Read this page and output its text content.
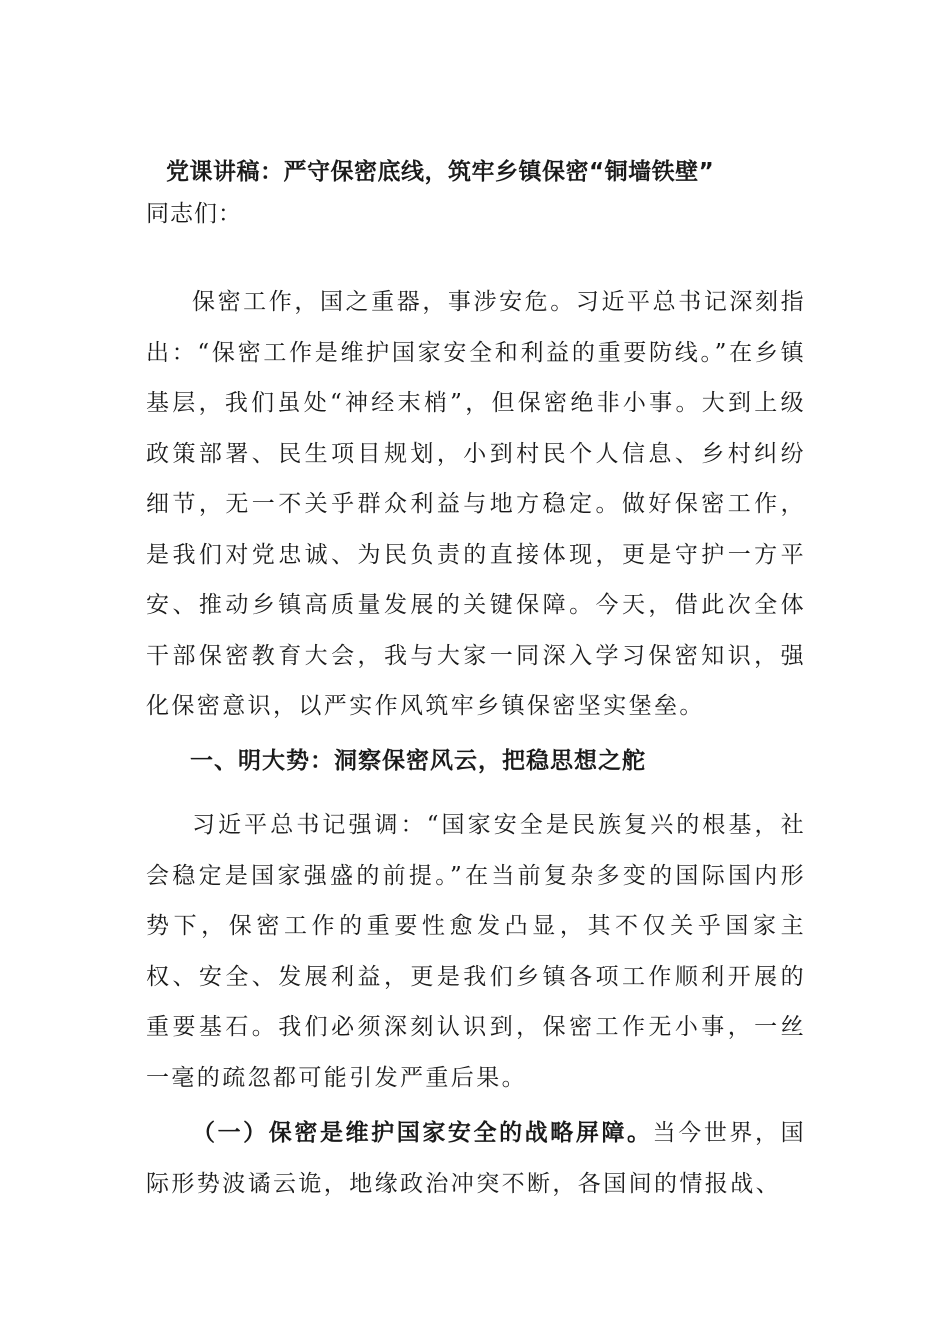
党课讲稿：严守保密底线，筑牢乡镇保密“铜墙铁壁”
同志们：

保密工作，国之重器，事涉安危。习近平总书记深刻指出：“保密工作是维护国家安全和利益的重要防线。”在乡镇基层，我们虽处“神经末梢”，但保密绝非小事。大到上级政策部署、民生项目规划，小到村民个人信息、乡村纠纷细节，无一不关乎群众利益与地方稳定。做好保密工作，是我们对党忠诚、为民负责的直接体现，更是守护一方平安、推动乡镇高质量发展的关键保障。今天，借此次全体干部保密教育大会，我与大家一同深入学习保密知识，强化保密意识，以严实作风筑牢乡镇保密坚实堡垒。

一、明大势：洞察保密风云，把稳思想之舵

习近平总书记强调：“国家安全是民族复兴的根基，社会稳定是国家强盛的前提。”在当前复杂多变的国际国内形势下，保密工作的重要性愈发凸显，其不仅关乎国家主权、安全、发展利益，更是我们乡镇各项工作顺利开展的重要基石。我们必须深刻认识到，保密工作无小事，一丝一毫的疏忽都可能引发严重后果。

（一）保密是维护国家安全的战略屏障。当今世界，国际形势波谲云诡，地缘政治冲突不断，各国间的情报战、
